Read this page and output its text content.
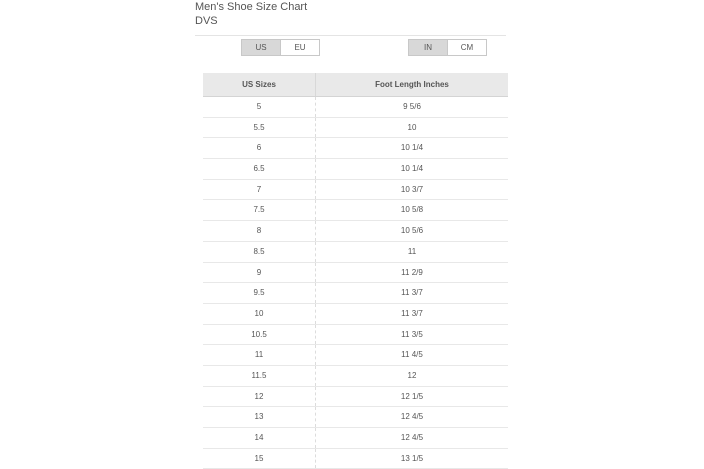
Men's Shoe Size Chart
DVS
US	EU	IN	CM
US Sizes	Foot Length Inches
5	9 5/6
5.5	10
6	10 1/4
6.5	10 1/4
7	10 3/7
7.5	10 5/8
8	10 5/6
8.5	11
9	11 2/9
9.5	11 3/7
10	11 3/7
10.5	11 3/5
11	11 4/5
11.5	12
12	12 1/5
13	12 4/5
14	12 4/5
15	13 1/5
